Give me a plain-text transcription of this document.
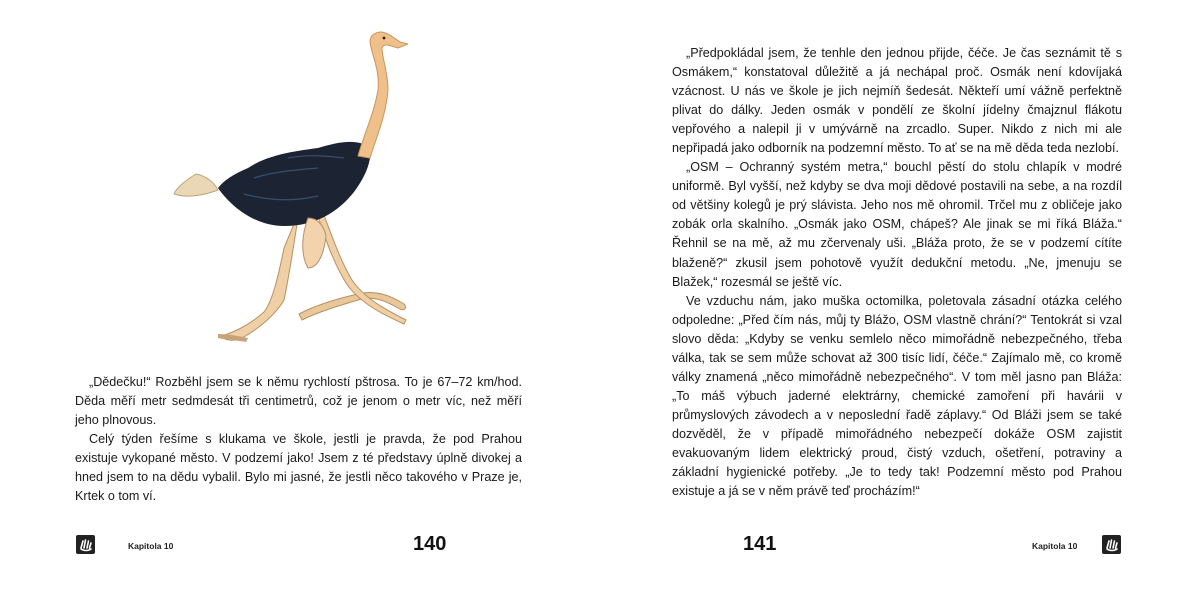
„Dědečku!“ Rozběhl jsem se k němu rychlostí pštrosa. To je 67–72 km/hod. Děda měří metr sedmdesát tři centimetrů, což je jenom o metr víc, než měří jeho plnovous.

Celý týden řešíme s klukama ve škole, jestli je pravda, že pod Prahou existuje vykopané město. V podzemí jako! Jsem z té představy úplně divokej a hned jsem to na dědu vybalil. Bylo mi jasné, že jestli něco takového v Praze je, Krtek o tom ví.

Kapitola 10	140

„Předpokládal jsem, že tenhle den jednou přijde, čéče. Je čas seznámit tě s Osmákem,“ konstatoval důležitě a já nechápal proč. Osmák není kdovíjaká vzácnost. U nás ve škole je jich nejmíň šedesát. Někteří umí vážně perfektně plivat do dálky. Jeden osmák v pondělí ze školní jídelny čmajznul flákotu vepřového a nalepil ji v umývárně na zrcadlo. Super. Nikdo z nich mi ale nepřipadá jako odborník na podzemní město. To ať se na mě děda teda nezlobí.

„OSM – Ochranný systém metra,“ bouchl pěstí do stolu chlapík v modré uniformě. Byl vyšší, než kdyby se dva moji dědové postavili na sebe, a na rozdíl od většiny kolegů je prý slávista. Jeho nos mě ohromil. Trčel mu z obličeje jako zobák orla skalního. „Osmák jako OSM, chápeš? Ale jinak se mi říká Bláža.“ Řehnil se na mě, až mu zčervenaly uši. „Bláža proto, že se v podzemí cítíte blaženě?“ zkusil jsem pohotově využít dedukční metodu. „Ne, jmenuju se Blažek,“ rozesmál se ještě víc.

Ve vzduchu nám, jako muška octomilka, poletovala zásadní otázka celého odpoledne: „Před čím nás, můj ty Blážo, OSM vlastně chrání?“ Tentokrát si vzal slovo děda: „Kdyby se venku semlelo něco mimořádně nebezpečného, třeba válka, tak se sem může schovat až 300 tisíc lidí, čéče.“ Zajímalo mě, co kromě války znamená „něco mimořádně nebezpečného“. V tom měl jasno pan Bláža: „To máš výbuch jaderné elektrárny, chemické zamoření při havárii v průmyslových závodech a v neposlední řadě záplavy.“ Od Bláži jsem se také dozvěděl, že v případě mimořádného nebezpečí dokáže OSM zajistit evakuovaným lidem elektrický proud, čistý vzduch, ošetření, potraviny a základní hygienické potřeby. „Je to tedy tak! Podzemní město pod Prahou existuje a já se v něm právě teď procházím!“

141	Kapitola 10
